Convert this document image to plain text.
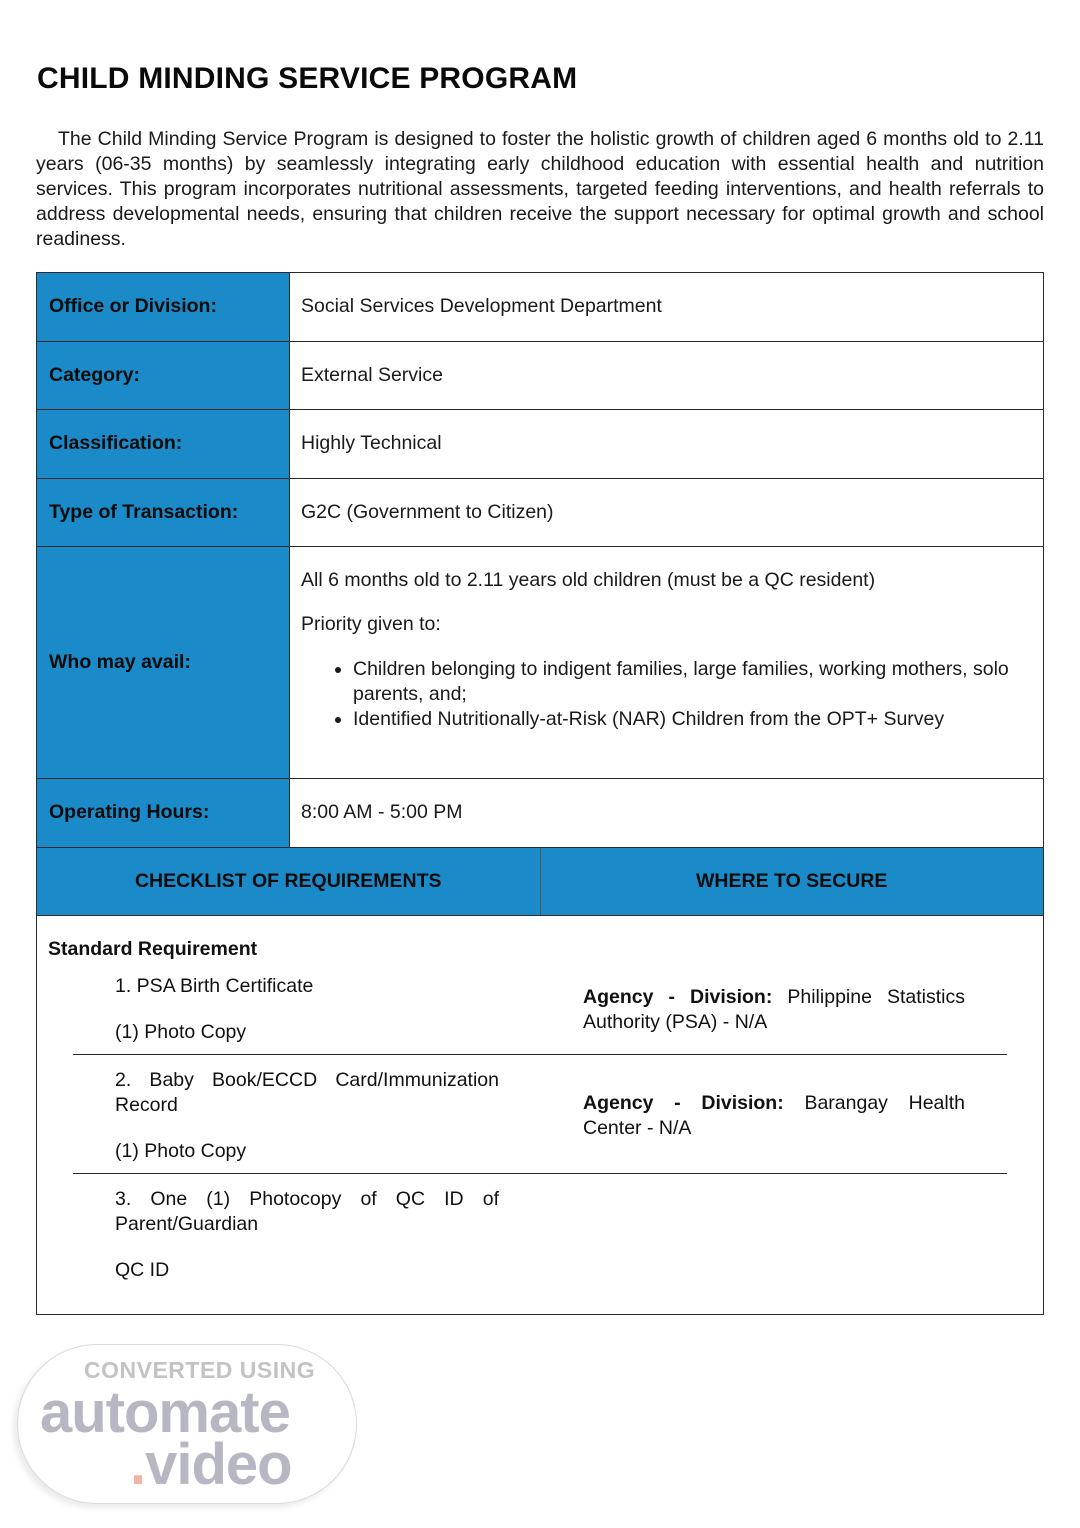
CHILD MINDING SERVICE PROGRAM

The Child Minding Service Program is designed to foster the holistic growth of children aged 6 months old to 2.11 years (06-35 months) by seamlessly integrating early childhood education with essential health and nutrition services. This program incorporates nutritional assessments, targeted feeding interventions, and health referrals to address developmental needs, ensuring that children receive the support necessary for optimal growth and school readiness.

Office or Division:	Social Services Development Department
Category:	External Service
Classification:	Highly Technical
Type of Transaction:	G2C (Government to Citizen)
Who may avail:

All 6 months old to 2.11 years old children (must be a QC resident)

Priority given to:

• Children belonging to indigent families, large families, working mothers, solo parents, and;
• Identified Nutritionally-at-Risk (NAR) Children from the OPT+ Survey
Operating Hours:	8:00 AM - 5:00 PM
CHECKLIST OF REQUIREMENTS	WHERE TO SECURE
Standard Requirement
1. PSA Birth Certificate
(1) Photo Copy
Agency - Division: Philippine Statistics Authority (PSA) - N/A
2. Baby Book/ECCD Card/Immunization Record
(1) Photo Copy
Agency - Division: Barangay Health Center - N/A
3. One (1) Photocopy of QC ID of Parent/Guardian
QC ID
CONVERTED USING
automate
.video
